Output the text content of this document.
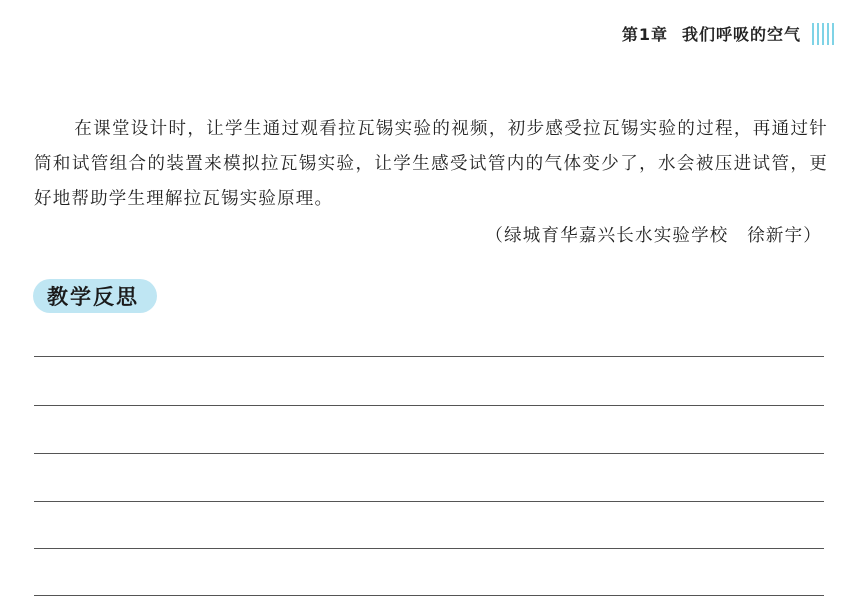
第1章 我们呼吸的空气

在课堂设计时，让学生通过观看拉瓦锡实验的视频，初步感受拉瓦锡实验的过程，再通过针筒和试管组合的装置来模拟拉瓦锡实验，让学生感受试管内的气体变少了，水会被压进试管，更好地帮助学生理解拉瓦锡实验原理。

（绿城育华嘉兴长水实验学校　徐新宇）
教学反思
